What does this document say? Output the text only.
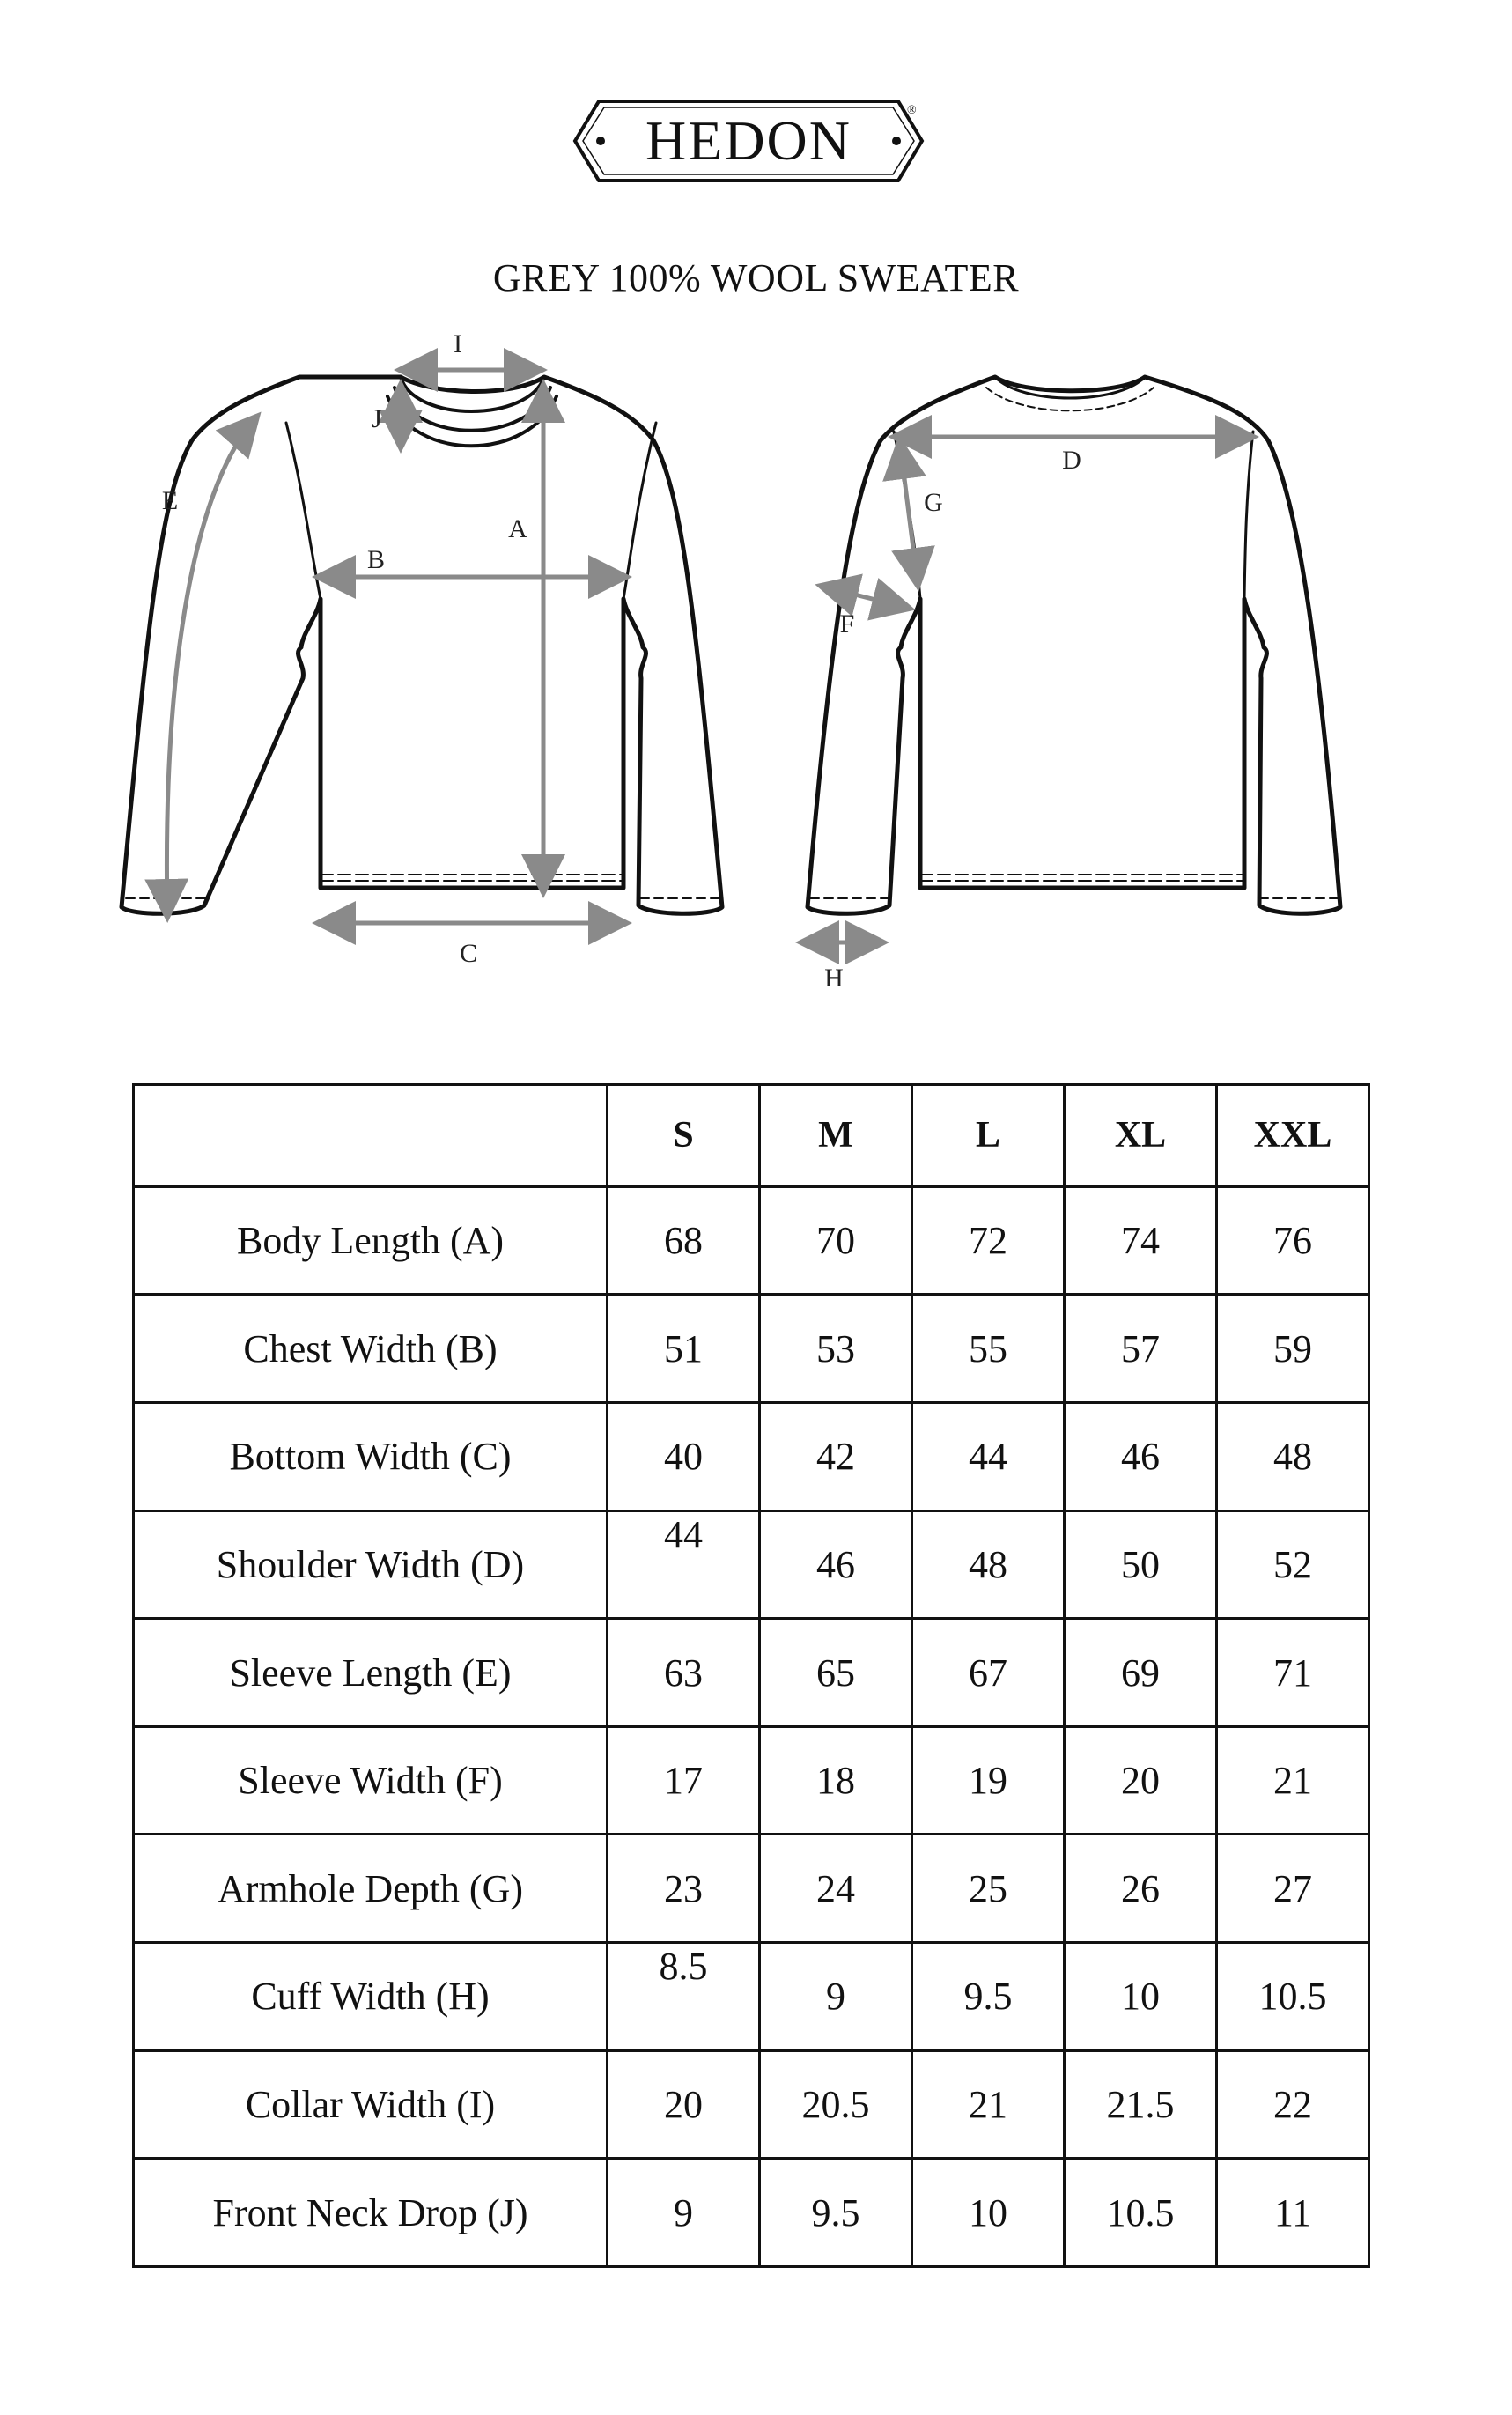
HEDON	®
GREY 100% WOOL SWEATER
I
J
E
A
B
C
D
G
F
H
	S	M	L	XL	XXL
Body Length (A)	68	70	72	74	76
Chest Width (B)	51	53	55	57	59
Bottom Width (C)	40	42	44	46	48
Shoulder Width (D)	44	46	48	50	52
Sleeve Length (E)	63	65	67	69	71
Sleeve Width (F)	17	18	19	20	21
Armhole Depth (G)	23	24	25	26	27
Cuff Width (H)	8.5	9	9.5	10	10.5
Collar Width (I)	20	20.5	21	21.5	22
Front Neck Drop (J)	9	9.5	10	10.5	11
